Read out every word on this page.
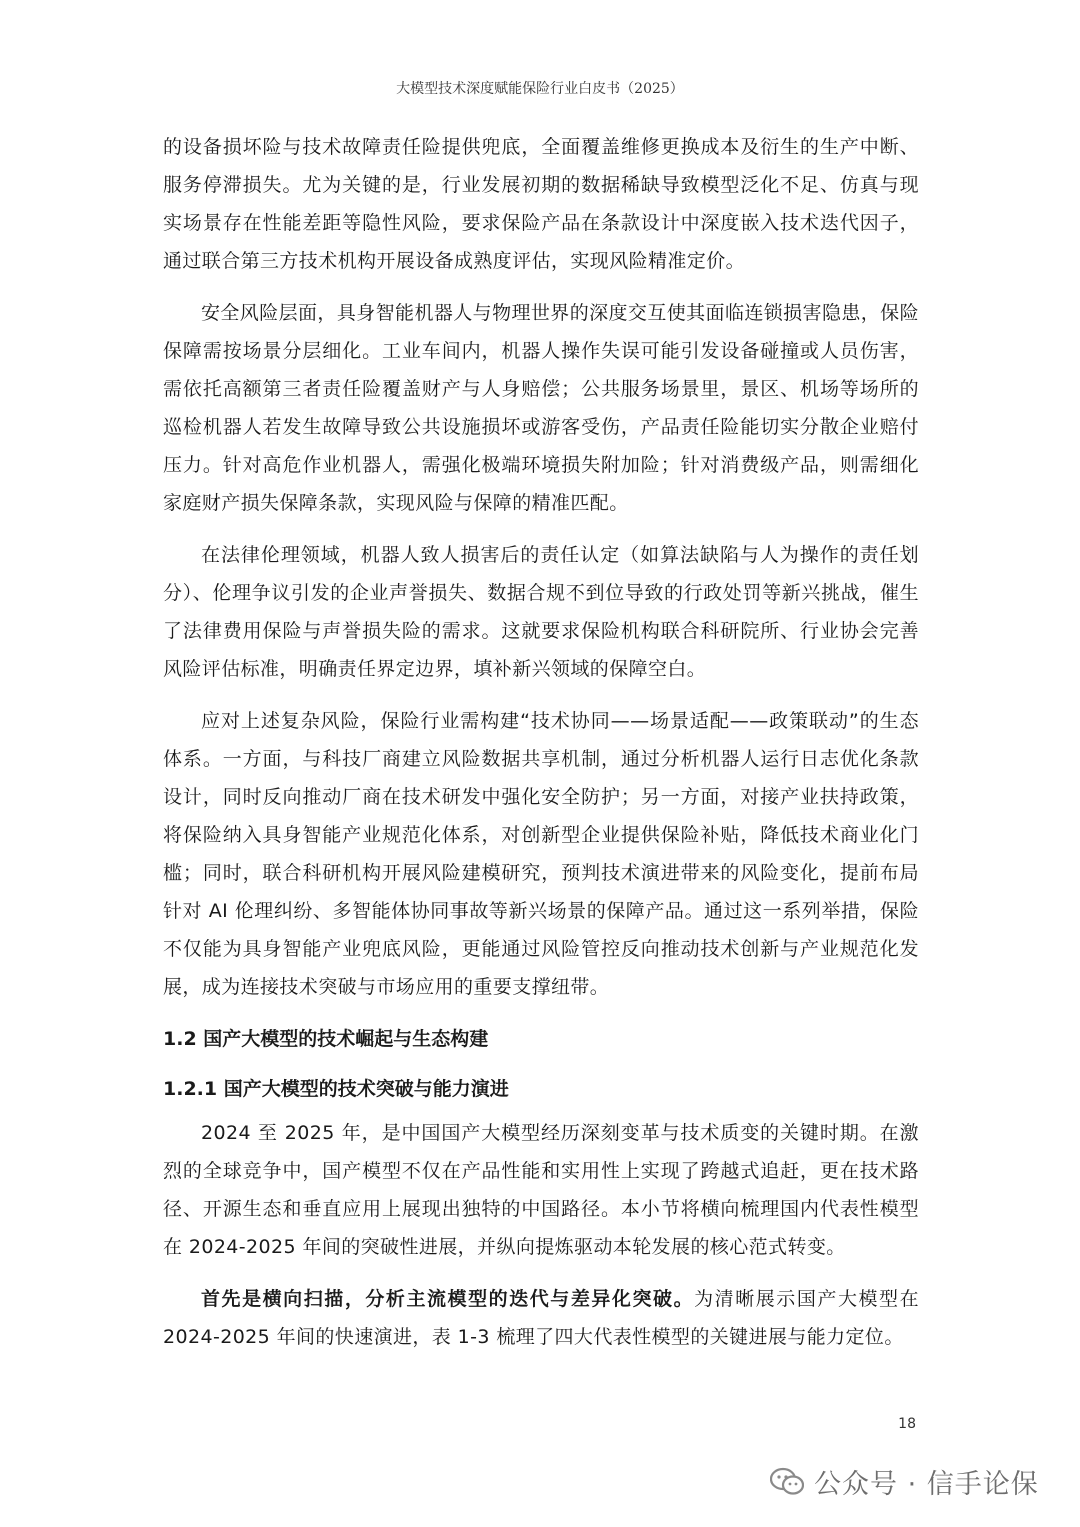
大模型技术深度赋能保险行业白皮书（2025）

的设备损坏险与技术故障责任险提供兜底，全面覆盖维修更换成本及衍生的生产中断、服务停滞损失。尤为关键的是，行业发展初期的数据稀缺导致模型泛化不足、仿真与现实场景存在性能差距等隐性风险，要求保险产品在条款设计中深度嵌入技术迭代因子，通过联合第三方技术机构开展设备成熟度评估，实现风险精准定价。

安全风险层面，具身智能机器人与物理世界的深度交互使其面临连锁损害隐患，保险保障需按场景分层细化。工业车间内，机器人操作失误可能引发设备碰撞或人员伤害，需依托高额第三者责任险覆盖财产与人身赔偿；公共服务场景里，景区、机场等场所的巡检机器人若发生故障导致公共设施损坏或游客受伤，产品责任险能切实分散企业赔付压力。针对高危作业机器人，需强化极端环境损失附加险；针对消费级产品，则需细化家庭财产损失保障条款，实现风险与保障的精准匹配。

在法律伦理领域，机器人致人损害后的责任认定（如算法缺陷与人为操作的责任划分）、伦理争议引发的企业声誉损失、数据合规不到位导致的行政处罚等新兴挑战，催生了法律费用保险与声誉损失险的需求。这就要求保险机构联合科研院所、行业协会完善风险评估标准，明确责任界定边界，填补新兴领域的保障空白。

应对上述复杂风险，保险行业需构建“技术协同——场景适配——政策联动”的生态体系。一方面，与科技厂商建立风险数据共享机制，通过分析机器人运行日志优化条款设计，同时反向推动厂商在技术研发中强化安全防护；另一方面，对接产业扶持政策，将保险纳入具身智能产业规范化体系，对创新型企业提供保险补贴，降低技术商业化门槛；同时，联合科研机构开展风险建模研究，预判技术演进带来的风险变化，提前布局针对 AI 伦理纠纷、多智能体协同事故等新兴场景的保障产品。通过这一系列举措，保险不仅能为具身智能产业兜底风险，更能通过风险管控反向推动技术创新与产业规范化发展，成为连接技术突破与市场应用的重要支撑纽带。

1.2 国产大模型的技术崛起与生态构建
1.2.1 国产大模型的技术突破与能力演进

2024 至 2025 年，是中国国产大模型经历深刻变革与技术质变的关键时期。在激烈的全球竞争中，国产模型不仅在产品性能和实用性上实现了跨越式追赶，更在技术路径、开源生态和垂直应用上展现出独特的中国路径。本小节将横向梳理国内代表性模型在 2024-2025 年间的突破性进展，并纵向提炼驱动本轮发展的核心范式转变。

首先是横向扫描，分析主流模型的迭代与差异化突破。为清晰展示国产大模型在 2024-2025 年间的快速演进，表 1-3 梳理了四大代表性模型的关键进展与能力定位。

18
公众号 · 信手论保
